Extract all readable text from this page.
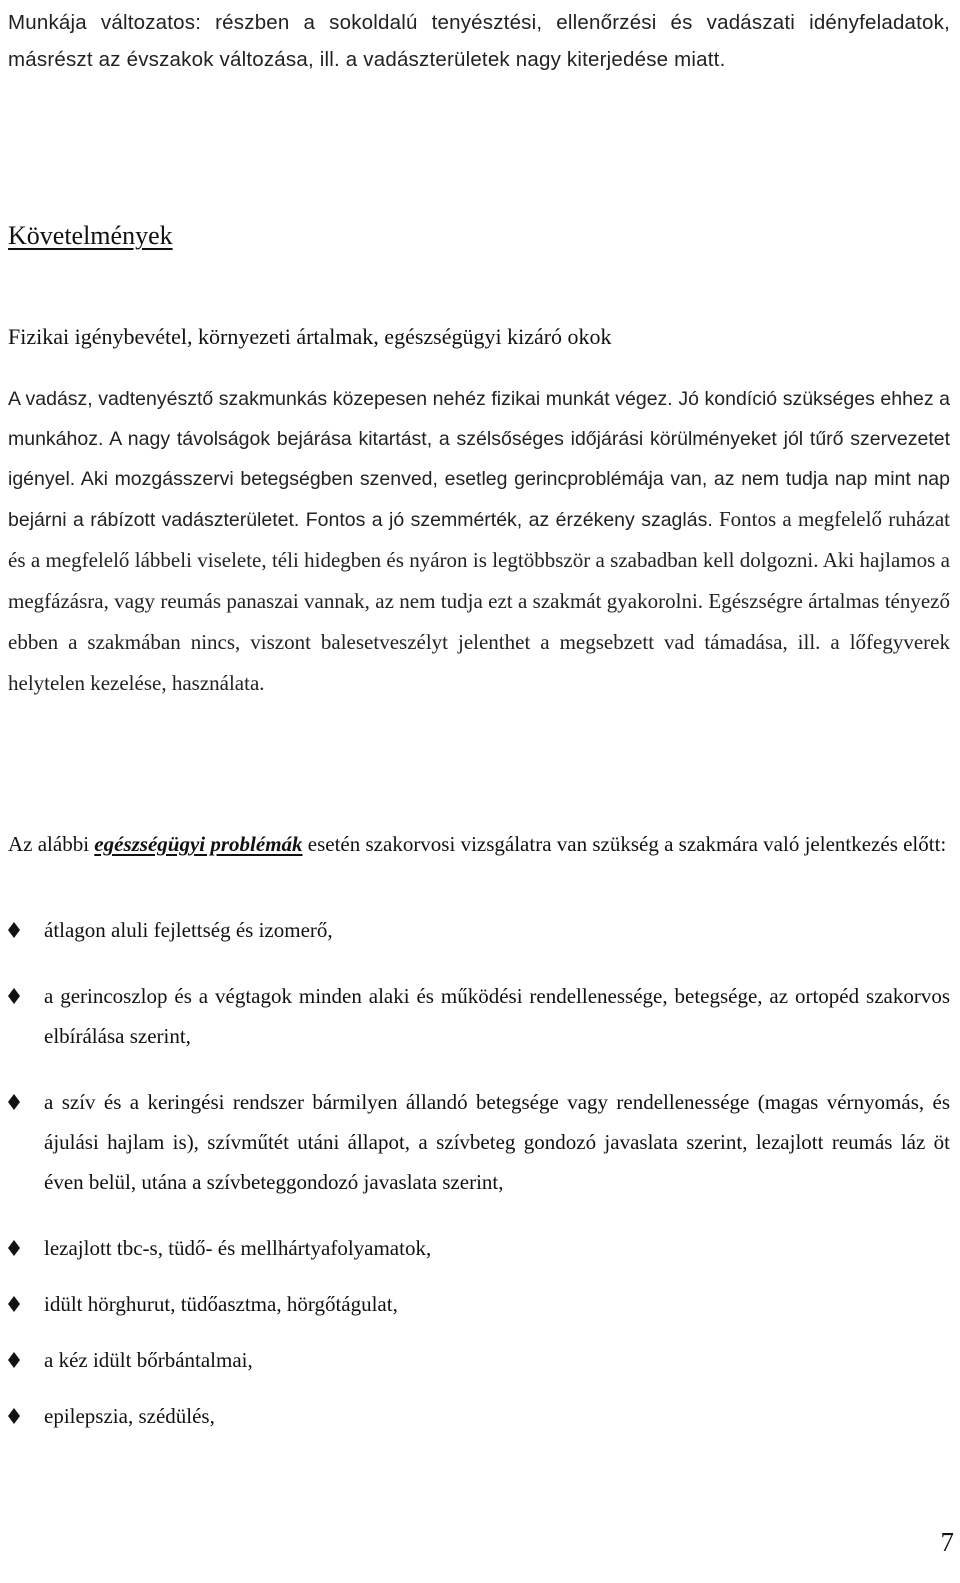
Munkája változatos: részben a sokoldalú tenyésztési, ellenőrzési és vadászati idényfeladatok, másrészt az évszakok változása, ill. a vadászterületek nagy kiterjedése miatt.

Követelmények
Fizikai igénybevétel, környezeti ártalmak, egészségügyi kizáró okok

A vadász, vadtenyésztő szakmunkás közepesen nehéz fizikai munkát végez. Jó kondíció szükséges ehhez a munkához. A nagy távolságok bejárása kitartást, a szélsőséges időjárási körülményeket jól tűrő szervezetet igényel. Aki mozgásszervi betegségben szenved, esetleg gerincproblémája van, az nem tudja nap mint nap bejárni a rábízott vadászterületet. Fontos a jó szemmérték, az érzékeny szaglás. Fontos a megfelelő ruházat és a megfelelő lábbeli viselete, téli hidegben és nyáron is legtöbbször a szabadban kell dolgozni. Aki hajlamos a megfázásra, vagy reumás panaszai vannak, az nem tudja ezt a szakmát gyakorolni. Egészségre ártalmas tényező ebben a szakmában nincs, viszont balesetveszélyt jelenthet a megsebzett vad támadása, ill. a lőfegyverek helytelen kezelése, használata.

Az alábbi egészségügyi problémák esetén szakorvosi vizsgálatra van szükség a szakmára való jelentkezés előtt:

átlagon aluli fejlettség és izomerő,
a gerincoszlop és a végtagok minden alaki és működési rendellenessége, betegsége, az ortopéd szakorvos elbírálása szerint,
a szív és a keringési rendszer bármilyen állandó betegsége vagy rendellenessége (magas vérnyomás, és ájulási hajlam is), szívműtét utáni állapot, a szívbeteg gondozó javaslata szerint, lezajlott reumás láz öt éven belül, utána a szívbeteggondozó javaslata szerint,
lezajlott tbc-s, tüdő- és mellhártyafolyamatok,
idült hörghurut, tüdőasztma, hörgőtágulat,
a kéz idült bőrbántalmai,
epilepszia, szédülés,
7
